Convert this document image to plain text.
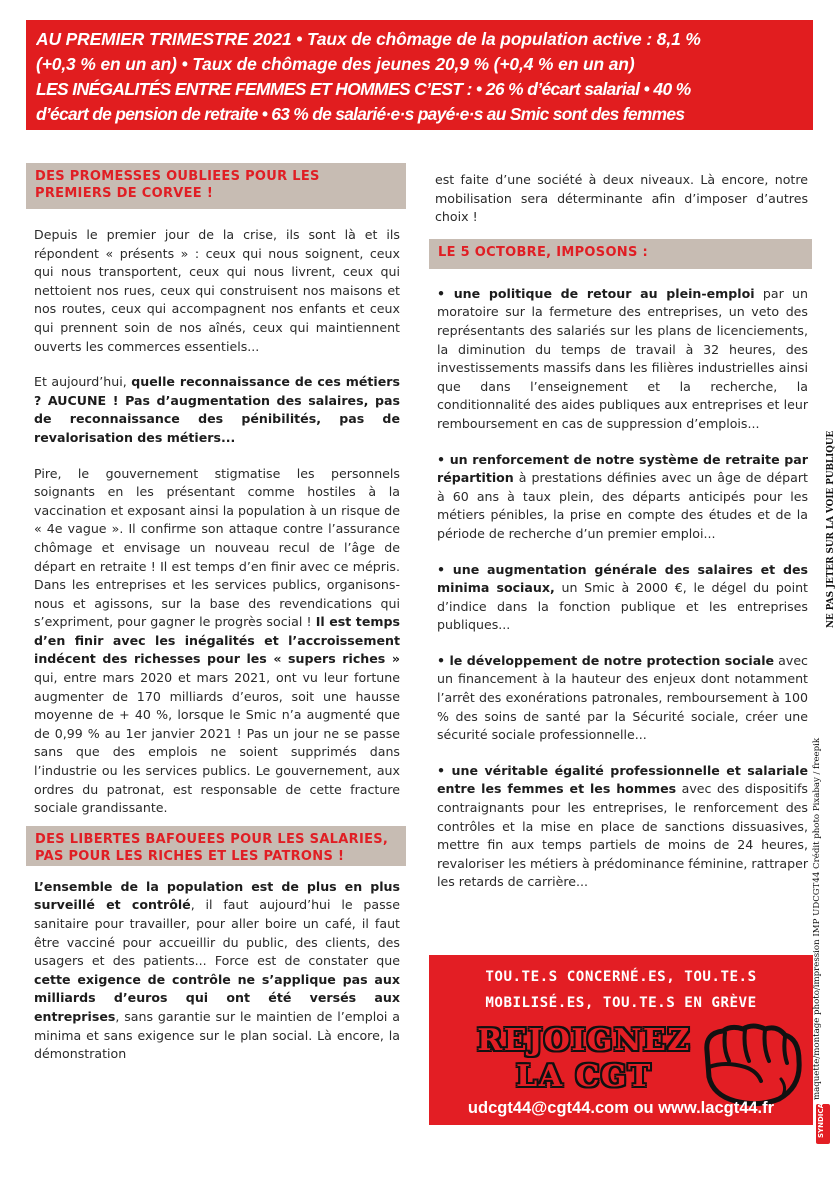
AU PREMIER TRIMESTRE 2021 • Taux de chômage de la population active : 8,1 %
(+0,3 % en un an) • Taux de chômage des jeunes 20,9 % (+0,4 % en un an)
LES INÉGALITÉS ENTRE FEMMES ET HOMMES C’EST : • 26 % d’écart salarial • 40 %
d’écart de pension de retraite • 63 % de salarié·e·s payé·e·s au Smic sont des femmes
DES PROMESSES OUBLIEES POUR LES PREMIERS DE CORVEE !

Depuis le premier jour de la crise, ils sont là et ils répondent « présents » : ceux qui nous soignent, ceux qui nous transportent, ceux qui nous livrent, ceux qui nettoient nos rues, ceux qui construisent nos maisons et nos routes, ceux qui accompagnent nos enfants et ceux qui prennent soin de nos aînés, ceux qui maintiennent ouverts les commerces essentiels...

Et aujourd’hui, quelle reconnaissance de ces métiers ? AUCUNE ! Pas d’augmentation des salaires, pas de reconnaissance des pénibilités, pas de revalorisation des métiers...

Pire, le gouvernement stigmatise les personnels soignants en les présentant comme hostiles à la vaccination et exposant ainsi la population à un risque de « 4e vague ». Il confirme son attaque contre l’assurance chômage et envisage un nouveau recul de l’âge de départ en retraite ! Il est temps d’en finir avec ce mépris. Dans les entreprises et les services publics, organisons-nous et agissons, sur la base des revendications qui s’expriment, pour gagner le progrès social ! Il est temps d’en finir avec les inégalités et l’accroissement indécent des richesses pour les « supers riches » qui, entre mars 2020 et mars 2021, ont vu leur fortune augmenter de 170 milliards d’euros, soit une hausse moyenne de + 40 %, lorsque le Smic n’a augmenté que de 0,99 % au 1er janvier 2021 ! Pas un jour ne se passe sans que des emplois ne soient supprimés dans l’industrie ou les services publics. Le gouvernement, aux ordres du patronat, est responsable de cette fracture sociale grandissante.

DES LIBERTES BAFOUEES POUR LES SALARIES, PAS POUR LES RICHES ET LES PATRONS !

L’ensemble de la population est de plus en plus surveillé et contrôlé, il faut aujourd’hui le passe sanitaire pour travailler, pour aller boire un café, il faut être vacciné pour accueillir du public, des clients, des usagers et des patients... Force est de constater que cette exigence de contrôle ne s’applique pas aux milliards d’euros qui ont été versés aux entreprises, sans garantie sur le maintien de l’emploi a minima et sans exigence sur le plan social. Là encore, la démonstration

est faite d’une société à deux niveaux. Là encore, notre mobilisation sera déterminante afin d’imposer d’autres choix !

LE 5 OCTOBRE, IMPOSONS :

• une politique de retour au plein-emploi par un moratoire sur la fermeture des entreprises, un veto des représentants des salariés sur les plans de licenciements, la diminution du temps de travail à 32 heures, des investissements massifs dans les filières industrielles ainsi que dans l’enseignement et la recherche, la conditionnalité des aides publiques aux entreprises et leur remboursement en cas de suppression d’emplois...

• un renforcement de notre système de retraite par répartition à prestations définies avec un âge de départ à 60 ans à taux plein, des départs anticipés pour les métiers pénibles, la prise en compte des études et de la période de recherche d’un premier emploi...

• une augmentation générale des salaires et des minima sociaux, un Smic à 2000 €, le dégel du point d’indice dans la fonction publique et les entreprises publiques...

• le développement de notre protection sociale avec un financement à la hauteur des enjeux dont notamment l’arrêt des exonérations patronales, remboursement à 100 % des soins de santé par la Sécurité sociale, créer une sécurité sociale professionnelle...

• une véritable égalité professionnelle et salariale entre les femmes et les hommes avec des dispositifs contraignants pour les entreprises, le renforcement des contrôles et la mise en place de sanctions dissuasives, mettre fin aux temps partiels de moins de 24 heures, revaloriser les métiers à prédominance féminine, rattraper les retards de carrière...

TOU.TE.S CONCERNÉ.ES, TOU.TE.S
MOBILISÉ.ES, TOU.TE.S EN GRÈVE
REJOIGNEZ
LA CGT
udcgt44@cgt44.com ou www.lacgt44.fr
maquette/montage photo/impression IMP UDCGT44 Crédit photo Pixabay / freepik
NE PAS JETER SUR LA VOIE PUBLIQUE
SYNDICAT
